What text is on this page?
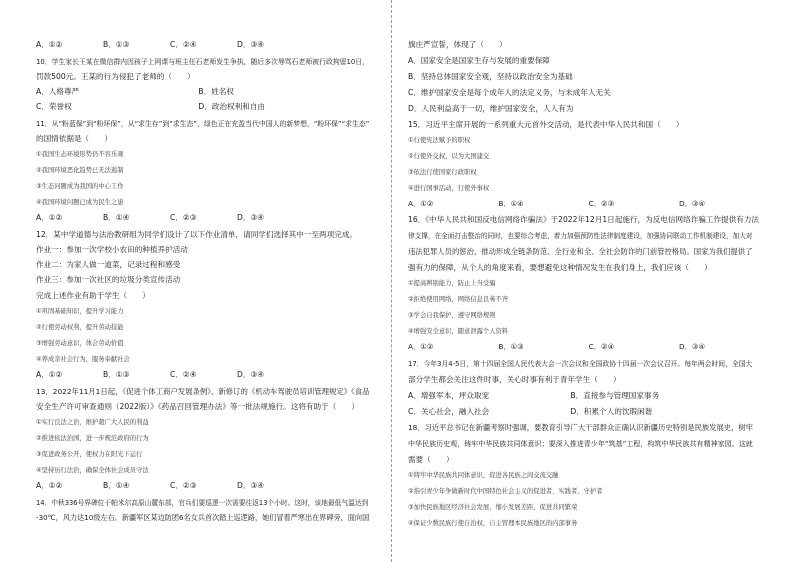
A．①②	B．①③	C．②④	D．③④
10．学生家长王某在微信群内因孩子上网课与班主任石老师发生争执，随后多次辱骂石老师被行政拘留10日，
罚款500元。王某的行为侵犯了老师的（　　）
A．人格尊严	B．姓名权
C．荣誉权	D．政治权利和自由
11．从“粉蓝保”到“粉环保”，从“求生存”到“求生态”，绿色正在充盈当代中国人的新梦想，“粉环保”“求生态”
的国情依据是（　　）
①我国生态环境形势仍不容乐观
②我国环境恶化趋势已无法遏制
③生态问题成为我国的中心工作
④我国环境问题已成为民生之患
A．①②	B．①④	C．②③	D．③④
12．某中学道德与法治教研组为同学们设计了以下作业清单，请同学们选择其中一至两项完成。
作业一：参加一次学校小农田的种植养护活动
作业二：为家人做一道菜，记录过程和感受
作业三：参加一次社区的垃圾分类宣传活动
完成上述作业有助于学生（　　）
①巩固基础知识，提升学习能力
②行使劳动权利，提升劳动技能
③增强劳动意识，体会劳动价值
④养成亲社会行为，服务奉献社会
A．①②	B．①③	C．②④	D．③④
13．2022年11月1日起，《促进个体工商户发展条例》、新修订的《机动车驾驶员培训管理规定》《食品
安全生产许可审查通则（2022版）》《药品召回管理办法》等一批法规施行。这将有助于（　　）
①实行良法之治，维护超广大人民的利益
②推进依法治国，进一步规范政府的行为
③促进政务公开，使权力在阳光下运行
④坚持历行法治，确保全体社会成员守法
A．①②	B．①④	C．②③	D．③④
14．中秋336号界碑位于帕米尔高原山麓东部，官兵们要巡逻一次需要往返13个小时。这时，该地最低气温达到
-30℃，风力达10级左右。新疆军区某边防团6名女兵首次踏上巡逻路，她们冒着严寒出在界碑旁，面向国
旗庄严宣誓，体现了（　　）
A．国家安全是国家生存与发展的重要保障
B．坚持总体国家安全观，坚持以政治安全为基础
C．维护国家安全是每个成年人的法定义务，与未成年人无关
D．人民利益高于一切，维护国家安全，人人有为
15．习近平主席开展的一系列重大元首外交活动，是代表中华人民共和国（　　）
①行使宪法赋予的职权
②行使外交权，以为大国建交
③依法行使国家行政职权
④进行国事活动，行使外事权
A．①②	B．①④	C．②③	D．③④
16．《中华人民共和国反电信网络诈骗法》于2022年12月1日起施行，为反电信网络诈骗工作提供有力法
律支撑，在全面打击整治的同时，也要综合考虑，着力加强预防性法律制度建设，加强协同联动工作机制建设，加大对
违法犯罪人员的惩治，推动形成全链条防范、全行业和全、全社会防诈的门前管控格局。国家为我们提供了
强有力的保障，从个人的角度来看，要想避免这种情况发生在我们身上，我们应该（　　）
①提高辨别能力，防止上当受骗
②拒绝使用网络，网络信息良莠不齐
③学会自我保护，遵守网络规则
④增强安全意识，随意泄露个人资料
A．①②	B．①③	C．②④	D．③④
17．今年3月4-5日，第十四届全国人民代表大会一次会议和全国政协十四届一次会议召开。每年两会时间，全国大
部分学生都会关注这件时事，关心时事有利于青年学生（　　）
A．增强军本，坪众取宠	B．直接参与管理国家事务
C．关心社会，融入社会	D．积累个人的饮瑕闲谐
18．习近平总书记在新疆考察时强调，要教育引导广大干部群众正确认识新疆历史特别是民族发展史，树牢
中华民族历史观，铸牢中华民族共同体意识；要深入推进青少年“筑基”工程，构筑中华民族共有精神家园。这就
需要（　　）
①铸牢中华民族共同体意识，促进各民族之间交流交融
②指引青少年争做新时代中国特色社会主义的促进者、实践者、守护者
③加快民族地区经济社会发展，缩小发展差距，促进共同繁荣
④保证少数民族行使自治权，自主管理本民族地区的内部事务
